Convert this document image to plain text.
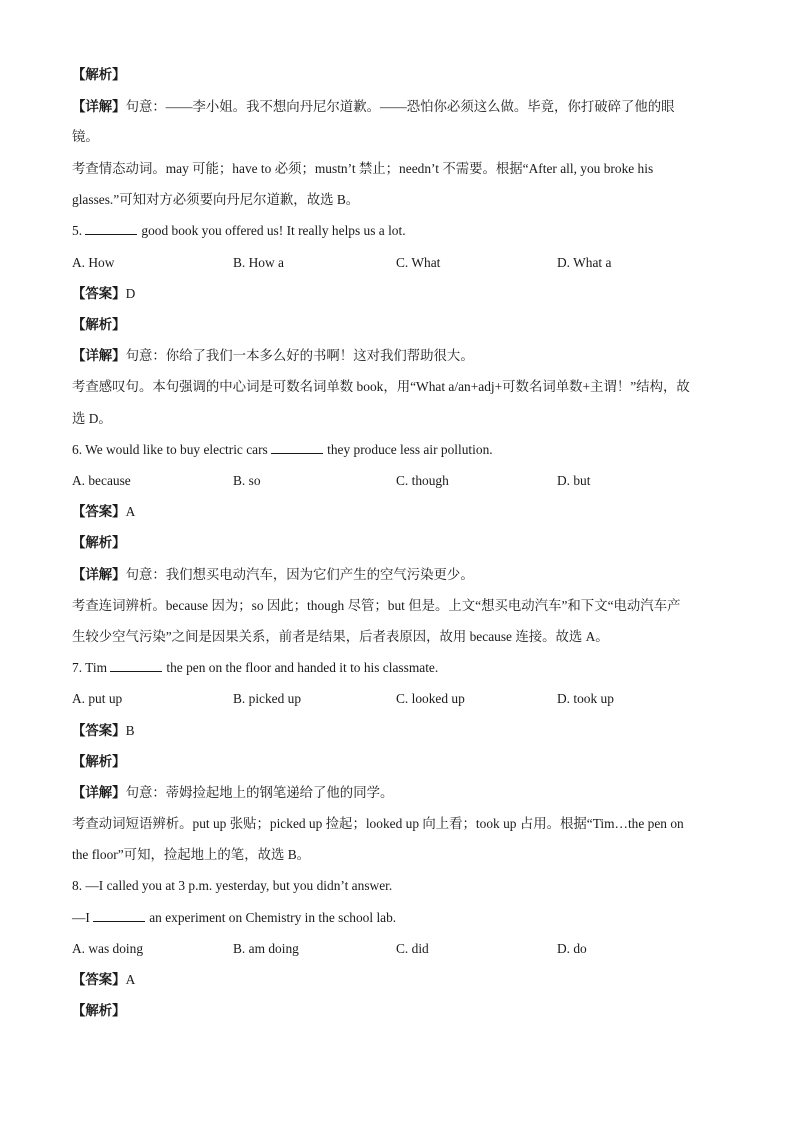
【解析】
【详解】句意：——李小姐。我不想向丹尼尔道歉。——恐怕你必须这么做。毕竟，你打破碎了他的眼
镜。
考查情态动词。may 可能；have to 必须；mustn’t 禁止；needn’t 不需要。根据“After all, you broke his
glasses.”可知对方必须要向丹尼尔道歉，故选 B。
5.	good book you offered us! It really helps us a lot.
A. How	B. How a	C. What	D. What a
【答案】D
【解析】
【详解】句意：你给了我们一本多么好的书啊！这对我们帮助很大。
考查感叹句。本句强调的中心词是可数名词单数 book，用“What a/an+adj+可数名词单数+主谓！”结构，故
选 D。
6. We would like to buy electric cars	they produce less air pollution.
A. because	B. so	C. though	D. but
【答案】A
【解析】
【详解】句意：我们想买电动汽车，因为它们产生的空气污染更少。
考查连词辨析。because 因为；so 因此；though 尽管；but 但是。上文“想买电动汽车”和下文“电动汽车产
生较少空气污染”之间是因果关系，前者是结果，后者表原因，故用 because 连接。故选 A。
7. Tim	the pen on the floor and handed it to his classmate.
A. put up	B. picked up	C. looked up	D. took up
【答案】B
【解析】
【详解】句意：蒂姆捡起地上的钢笔递给了他的同学。
考查动词短语辨析。put up 张贴；picked up 捡起；looked up 向上看；took up 占用。根据“Tim…the pen on
the floor”可知，捡起地上的笔，故选 B。
8. —I called you at 3 p.m. yesterday, but you didn’t answer.
—I	an experiment on Chemistry in the school lab.
A. was doing	B. am doing	C. did	D. do
【答案】A
【解析】
